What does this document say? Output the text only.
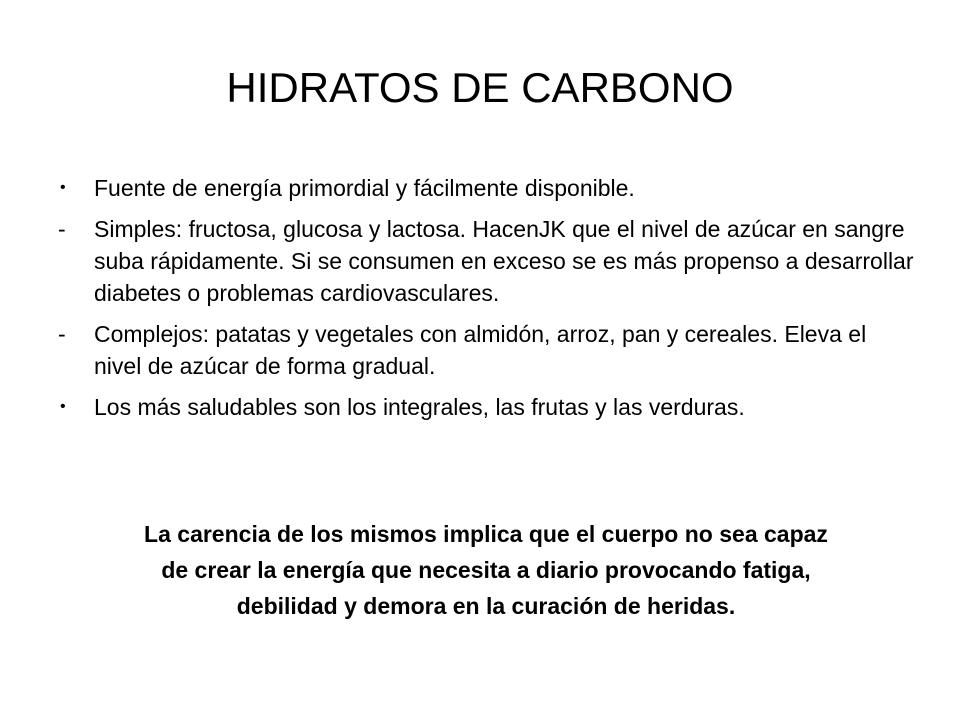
HIDRATOS DE CARBONO
•	Fuente de energía primordial y fácilmente disponible.
-	Simples: fructosa, glucosa y lactosa. HacenJK que el nivel de azúcar en sangre suba rápidamente. Si se consumen en exceso se es más propenso a desarrollar diabetes o problemas cardiovasculares.
-	Complejos: patatas y vegetales con almidón, arroz, pan y cereales. Eleva el nivel de azúcar de forma gradual.
•	Los más saludables son los integrales, las frutas y las verduras.
La carencia de los mismos implica que el cuerpo no sea capaz
de crear la energía que necesita a diario provocando fatiga,
debilidad y demora en la curación de heridas.
